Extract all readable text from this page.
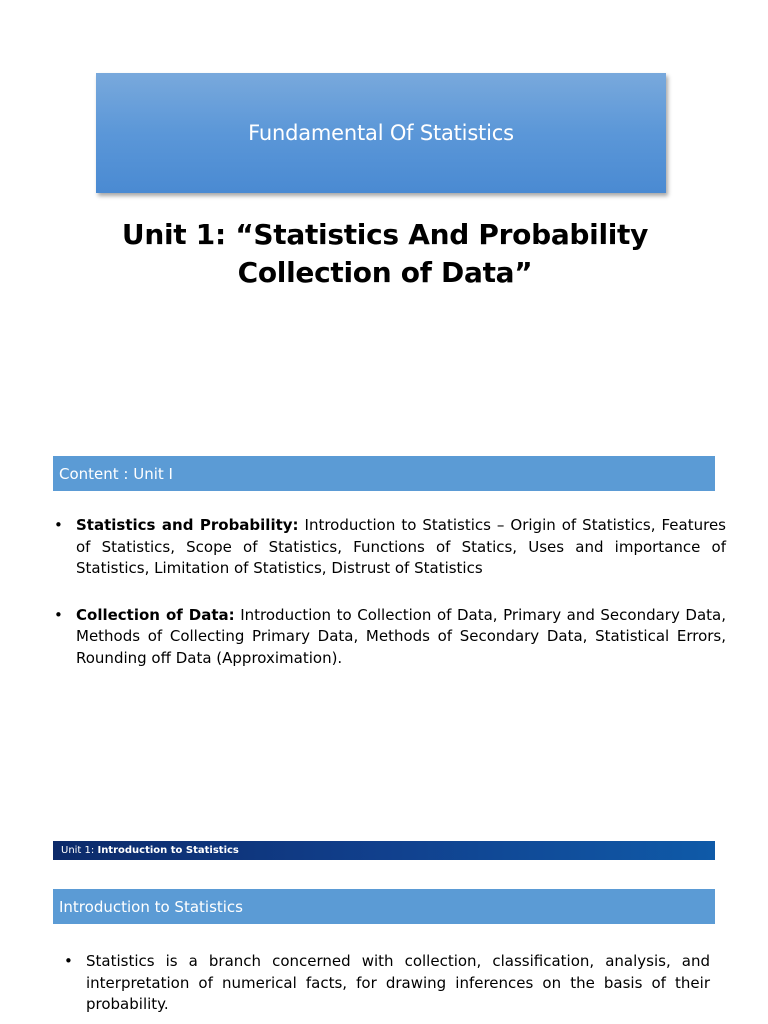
Fundamental Of Statistics
Unit 1: “Statistics And Probability
Collection of Data”
Content : Unit I
• Statistics and Probability: Introduction to Statistics – Origin of Statistics, Features of Statistics, Scope of Statistics, Functions of Statics, Uses and importance of Statistics, Limitation of Statistics, Distrust of Statistics
• Collection of Data: Introduction to Collection of Data, Primary and Secondary Data, Methods of Collecting Primary Data, Methods of Secondary Data, Statistical Errors, Rounding off Data (Approximation).
Unit 1:
Introduction to Statistics
Introduction to Statistics
• Statistics is a branch concerned with collection, classification, analysis, and interpretation of numerical facts, for drawing inferences on the basis of their probability.
